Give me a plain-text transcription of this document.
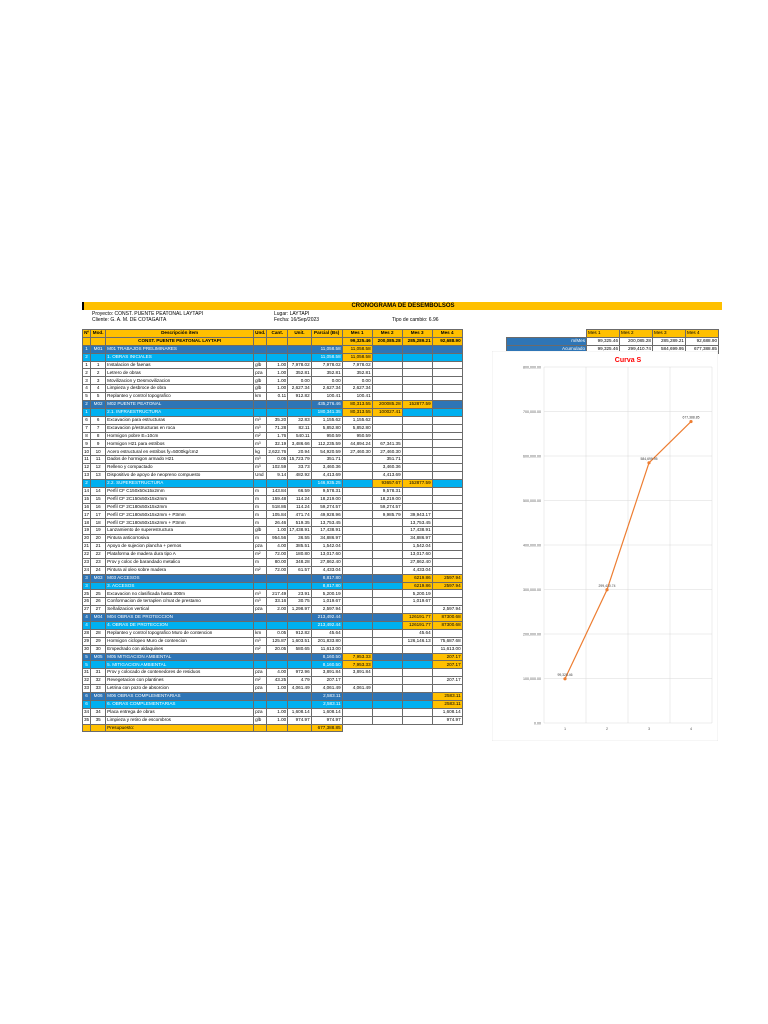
CRONOGRAMA DE DESEMBOLSOS
Proyecto: CONST. PUENTE PEATONAL LAYTAPI
Cliente: G. A. M. DE COTAGAITA
Lugar: LAYTAPI
Fecha: 16/Sep/2023	Tipo de cambio: 6.96
Nº	Mod.	Descripción ítem	Und.	Cant.	Unit.	Parcial (Bs)	Mes 1	Mes 2	Mes 3	Mes 4
		CONST. PUENTE PEATONAL LAYTAPI					99,325.46	200,085.28	285,289.21	92,688.90
1	M01	M01 TRABAJOS PRELIMINARES				11,058.58	11,058.58			
2		1. OBRAS INICIALES				11,058.58	11,058.58			
1	1	Instalacion de faenas	glb	1.00	7,978.02	7,978.02	7,978.02			
2	2	Letrero de obras	pza	1.00	352.81	352.81	352.81			
3	3	Movilizacion y Desmovilizacion	glb	1.00	0.00	0.00	0.00			
4	4	Limpieza y desbroce de obra	glb	1.00	2,627.34	2,627.34	2,627.34			
5	5	Replanteo y control topografico	km	0.11	912.82	100.41	100.41			
2	M02	M02 PUENTE PEATONAL				435,276.46	80,313.55	200085.28	152877.59	
1		2.1. INFRAESTRUCTURA				180,341.35	80,313.55	100027.41		
6	6	Excavacion para estructuras	m³	35.20	32.83	1,155.62	1,155.62			
7	7	Excavacion p/estructuras en roca	m³	71.28	82.11	5,852.80	5,852.80			
8	8	Hormigon pobre E=10cm	m²	1.76	540.11	950.59	950.59			
9	9	Hormigon H21 para estribos	m³	32.19	3,486.66	112,235.59	44,894.24	67,341.35		
10	10	Acero estructural en estribos fy=5000kg/cm2	kg	2,622.76	20.94	54,920.59	27,460.30	27,460.30		
11	11	Dados de hormigon armado H21	m³	0.05	15,723.79	351.71		351.71		
12	12	Relleno y compactado	m³	102.59	33.73	3,460.36		3,460.36		
13	13	Dispositivo de apoyo de neopreno compuesto	Und	9.14	482.92	4,413.69		4,413.69		
2		2.2. SUPERESTRUCTURA				146,935.25		93657.67	152877.59	
14	14	Perfil CF C150x50x15x2mm	m	143.84	66.59	9,578.31		9,578.31		
15	15	Perfil CF 2C150x50x15x2mm	m	159.48	114.24	18,219.00		18,219.00		
16	16	Perfil CF 2C180x50x15x2mm	m	518.86	114.24	59,274.57		59,274.57		
17	17	Perfil CF 2C180x50x15x2mm + P3mm	m	105.84	471.74	49,928.96		9,985.79	39,943.17	
18	18	Perfil CF 3C180x50x15x2mm + P3mm	m	26.46	519.35	13,753.45			13,753.45	
19	19	Lanzamiento de superestructura	glb	1.00	17,438.91	17,438.91			17,438.91	
20	20	Pintura anticorrosiva	m	954.56	36.55	34,886.97			34,886.97	
21	21	Apoyo de sujecion plancha + pernos	pza	4.00	385.51	1,542.04			1,542.04	
22	22	Plataforma de madera dura tipo A	m²	72.00	180.80	13,017.60			13,017.60	
23	23	Prov y coloc de barandado metalico	m	80.00	348.28	27,862.40			27,862.40	
24	24	Pintura al oleo sobre madera	m²	72.00	61.57	4,433.04			4,433.04	
3	M03	M03 ACCESOS				8,817.80			6219.86	2597.94
3		3. ACCESOS				8,817.80			6219.86	2597.94
25	25	Excavacion no clasificada hasta 300m	m³	217.49	23.91	5,200.19			5,200.19	
26	26	Conformacion de terraplen c/mat de prestamo	m³	33.16	30.75	1,019.67			1,019.67	
27	27	Señalizacion vertical	pza	2.00	1,298.97	2,597.94				2,597.94
4	M04	M04 OBRAS DE PROTECCION				213,492.44			126191.77	87300.68
4		4. OBRAS DE PROTECCION				213,492.44			126191.77	87300.68
28	28	Replanteo y control topografico Muro de contencion	km	0.05	912.82	45.64			45.64	
29	29	Hormigon ciclopeo Muro de contencion	m³	125.87	1,603.51	201,833.80			126,146.13	75,687.68
30	30	Empedrado con aldaquines	m²	20.05	580.65	11,613.00				11,613.00
5	M05	M05 MITIGACION AMBIENTAL				8,160.50	7,953.33			207.17
5		5. MITIGACION AMBIENTAL				8,160.50	7,953.33			207.17
31	31	Prov y colocado de contenedores de residuos	pza	4.00	972.96	3,891.84	3,891.84			
32	32	Revegetacion con plantines	m²	43.25	4.79	207.17				207.17
33	33	Letrina con pozo de absorcion	pza	1.00	4,061.49	4,061.49	4,061.49			
6	M06	M06 OBRAS COMPLEMENTARIAS				2,583.11				2583.11
6		6. OBRAS COMPLEMENTARIAS				2,583.11				2583.11
34	34	Placa entrega de obras	pza	1.00	1,608.14	1,608.14				1,608.14
35	35	Limpieza y retiro de escombros	glb	1.00	974.97	974.97				974.97
		Presupuesto:				677,388.85				
	Mes 1	Mes 2	Mes 3	Mes 4
m/Mes	99,325.46	200,085.28	285,289.21	92,688.90
Acumulado	99,325.46	299,410.74	584,699.95	677,388.85
Curva S
0.00
100,000.00
200,000.00
300,000.00
400,000.00
500,000.00
600,000.00
700,000.00
800,000.00
1	2	3	4
99,325.46
299,410.74
584,699.95
677,388.85
